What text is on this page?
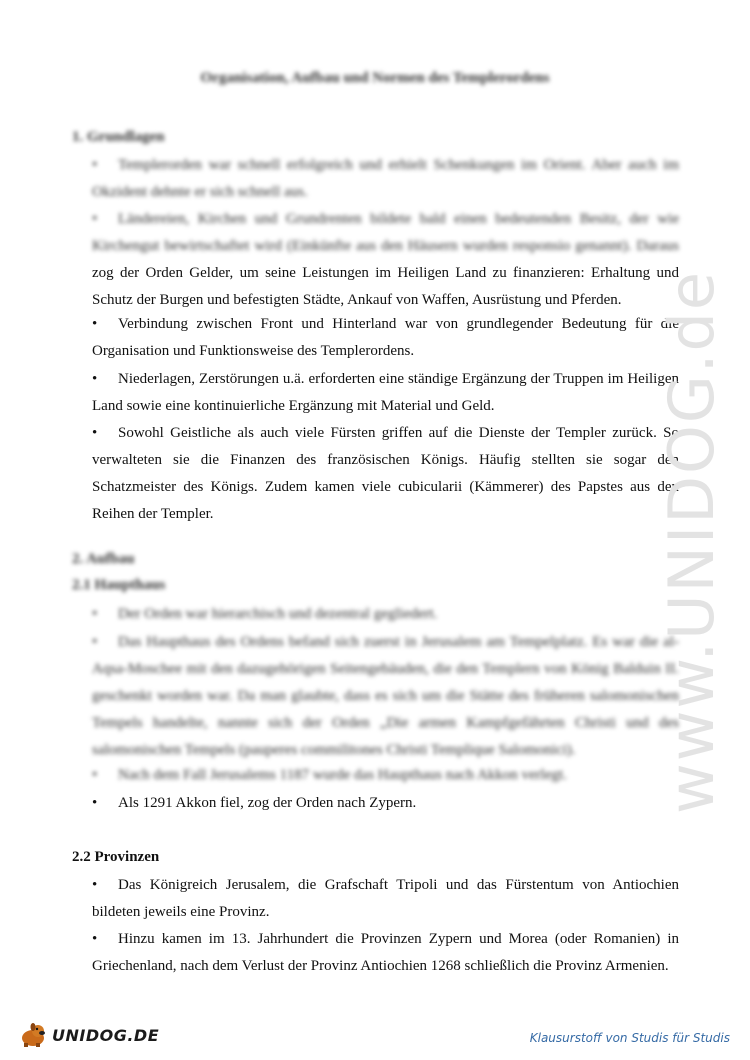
Organisation, Aufbau und Normen des Templerordens
1. Grundlagen
• Templerorden war schnell erfolgreich und erhielt Schenkungen im Orient. Aber auch im Okzident dehnte er sich schnell aus.
• Ländereien, Kirchen und Grundrenten bildete bald einen bedeutenden Besitz, der wie Kirchengut bewirtschaftet wird (Einkünfte aus den Häusern wurden responsio genannt). Daraus zog der Orden Gelder, um seine Leistungen im Heiligen Land zu finanzieren: Erhaltung und Schutz der Burgen und befestigten Städte, Ankauf von Waffen, Ausrüstung und Pferden.
• Verbindung zwischen Front und Hinterland war von grundlegender Bedeutung für die Organisation und Funktionsweise des Templerordens.
• Niederlagen, Zerstörungen u.ä. erforderten eine ständige Ergänzung der Truppen im Heiligen Land sowie eine kontinuierliche Ergänzung mit Material und Geld.
• Sowohl Geistliche als auch viele Fürsten griffen auf die Dienste der Templer zurück. So verwalteten sie die Finanzen des französischen Königs. Häufig stellten sie sogar den Schatzmeister des Königs. Zudem kamen viele cubicularii (Kämmerer) des Papstes aus den Reihen der Templer.
2. Aufbau
2.1 Haupthaus
• Der Orden war hierarchisch und dezentral gegliedert.
• Das Haupthaus des Ordens befand sich zuerst in Jerusalem am Tempelplatz. Es war die al-Aqsa-Moschee mit den dazugehörigen Seitengebäuden, die den Templern von König Balduin II. geschenkt worden war. Da man glaubte, dass es sich um die Stätte des früheren salomonischen Tempels handelte, nannte sich der Orden „Die armen Kampfgefährten Christi und des salomonischen Tempels (pauperes commilitones Christi Templique Salomonici).
• Nach dem Fall Jerusalems 1187 wurde das Haupthaus nach Akkon verlegt.
• Als 1291 Akkon fiel, zog der Orden nach Zypern.
2.2 Provinzen
• Das Königreich Jerusalem, die Grafschaft Tripoli und das Fürstentum von Antiochien bildeten jeweils eine Provinz.
• Hinzu kamen im 13. Jahrhundert die Provinzen Zypern und Morea (oder Romanien) in Griechenland, nach dem Verlust der Provinz Antiochien 1268 schließlich die Provinz Armenien.
www.UNIDOG.de
UNIDOG.DE	Klausurstoff von Studis für Studis
